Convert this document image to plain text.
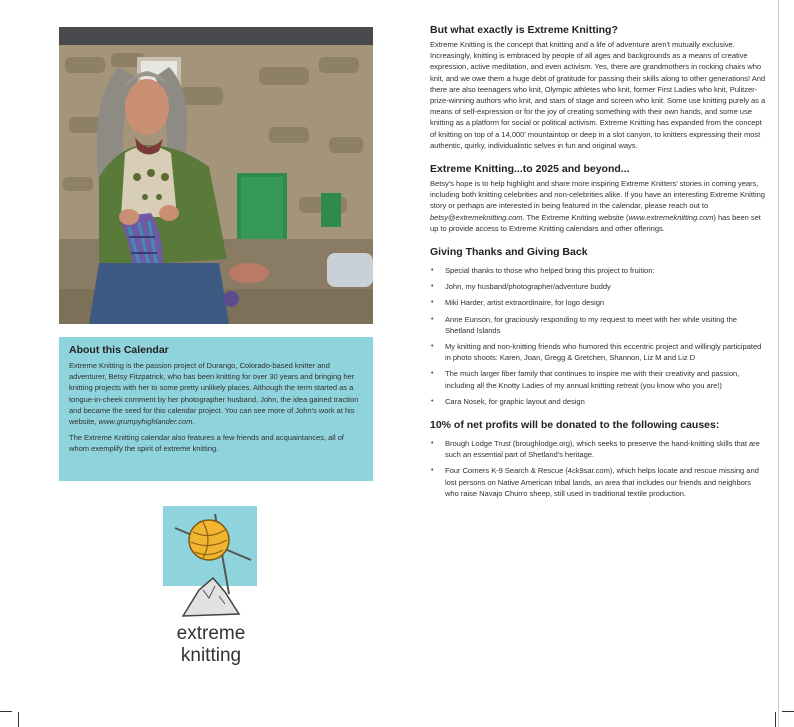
About this Calendar

Extreme Knitting is the passion project of Durango, Colorado-based knitter and adventurer, Betsy Fitzpatrick, who has been knitting for over 30 years and bringing her knitting projects with her to some pretty unlikely places. Although the term started as a tongue-in-cheek comment by her photographer husband, John, the idea gained traction and became the seed for this calendar project. You can see more of John's work at his website, www.grumpyhighlander.com.

The Extreme Knitting calendar also features a few friends and acquaintances, all of whom exemplify the spirit of extreme knitting.

extreme
knitting
But what exactly is Extreme Knitting?

Extreme Knitting is the concept that knitting and a life of adventure aren't mutually exclusive. Increasingly, knitting is embraced by people of all ages and backgrounds as a means of creative expression, active meditation, and even activism. Yes, there are grandmothers in rocking chairs who knit, and we owe them a huge debt of gratitude for passing their skills along to other generations! And there are also teenagers who knit, Olympic athletes who knit, former First Ladies who knit, Pulitzer-prize-winning authors who knit, and stars of stage and screen who knit. Some use knitting purely as a means of self-expression or for the joy of creating something with their own hands, and some use knitting as a platform for social or political activism. Extreme Knitting has expanded from the concept of knitting on top of a 14,000' mountaintop or deep in a slot canyon, to knitters expressing their most authentic, quirky, individualistic selves in fun and original ways.

Extreme Knitting...to 2025 and beyond...

Betsy's hope is to help highlight and share more inspiring Extreme Knitters' stories in coming years, including both knitting celebrities and non-celebrities alike. If you have an interesting Extreme Knitting story or perhaps are interested in being featured in the calendar, please reach out to betsy@extremeknitting.com. The Extreme Knitting website (www.extremeknitting.com) has been set up to provide access to Extreme Knitting calendars and other offerings.

Giving Thanks and Giving Back
• Special thanks to those who helped bring this project to fruition:
• John, my husband/photographer/adventure buddy
• Miki Harder, artist extraordinaire, for logo design
• Anne Eunson, for graciously responding to my request to meet with her while visiting the Shetland Islands
• My knitting and non-knitting friends who humored this eccentric project and willingly participated in photo shoots: Karen, Joan, Gregg & Gretchen, Shannon, Liz M and Liz D
• The much larger fiber family that continues to inspire me with their creativity and passion, including all the Knotty Ladies of my annual knitting retreat (you know who you are!)
• Cara Nosek, for graphic layout and design
10% of net profits will be donated to the following causes:
• Brough Lodge Trust (broughlodge.org), which seeks to preserve the hand-knitting skills that are such an essential part of Shetland's heritage.
• Four Corners K-9 Search & Rescue (4ck9sar.com), which helps locate and rescue missing and lost persons on Native American tribal lands, an area that includes our friends and neighbors who raise Navajo Churro sheep, still used in traditional textile production.
